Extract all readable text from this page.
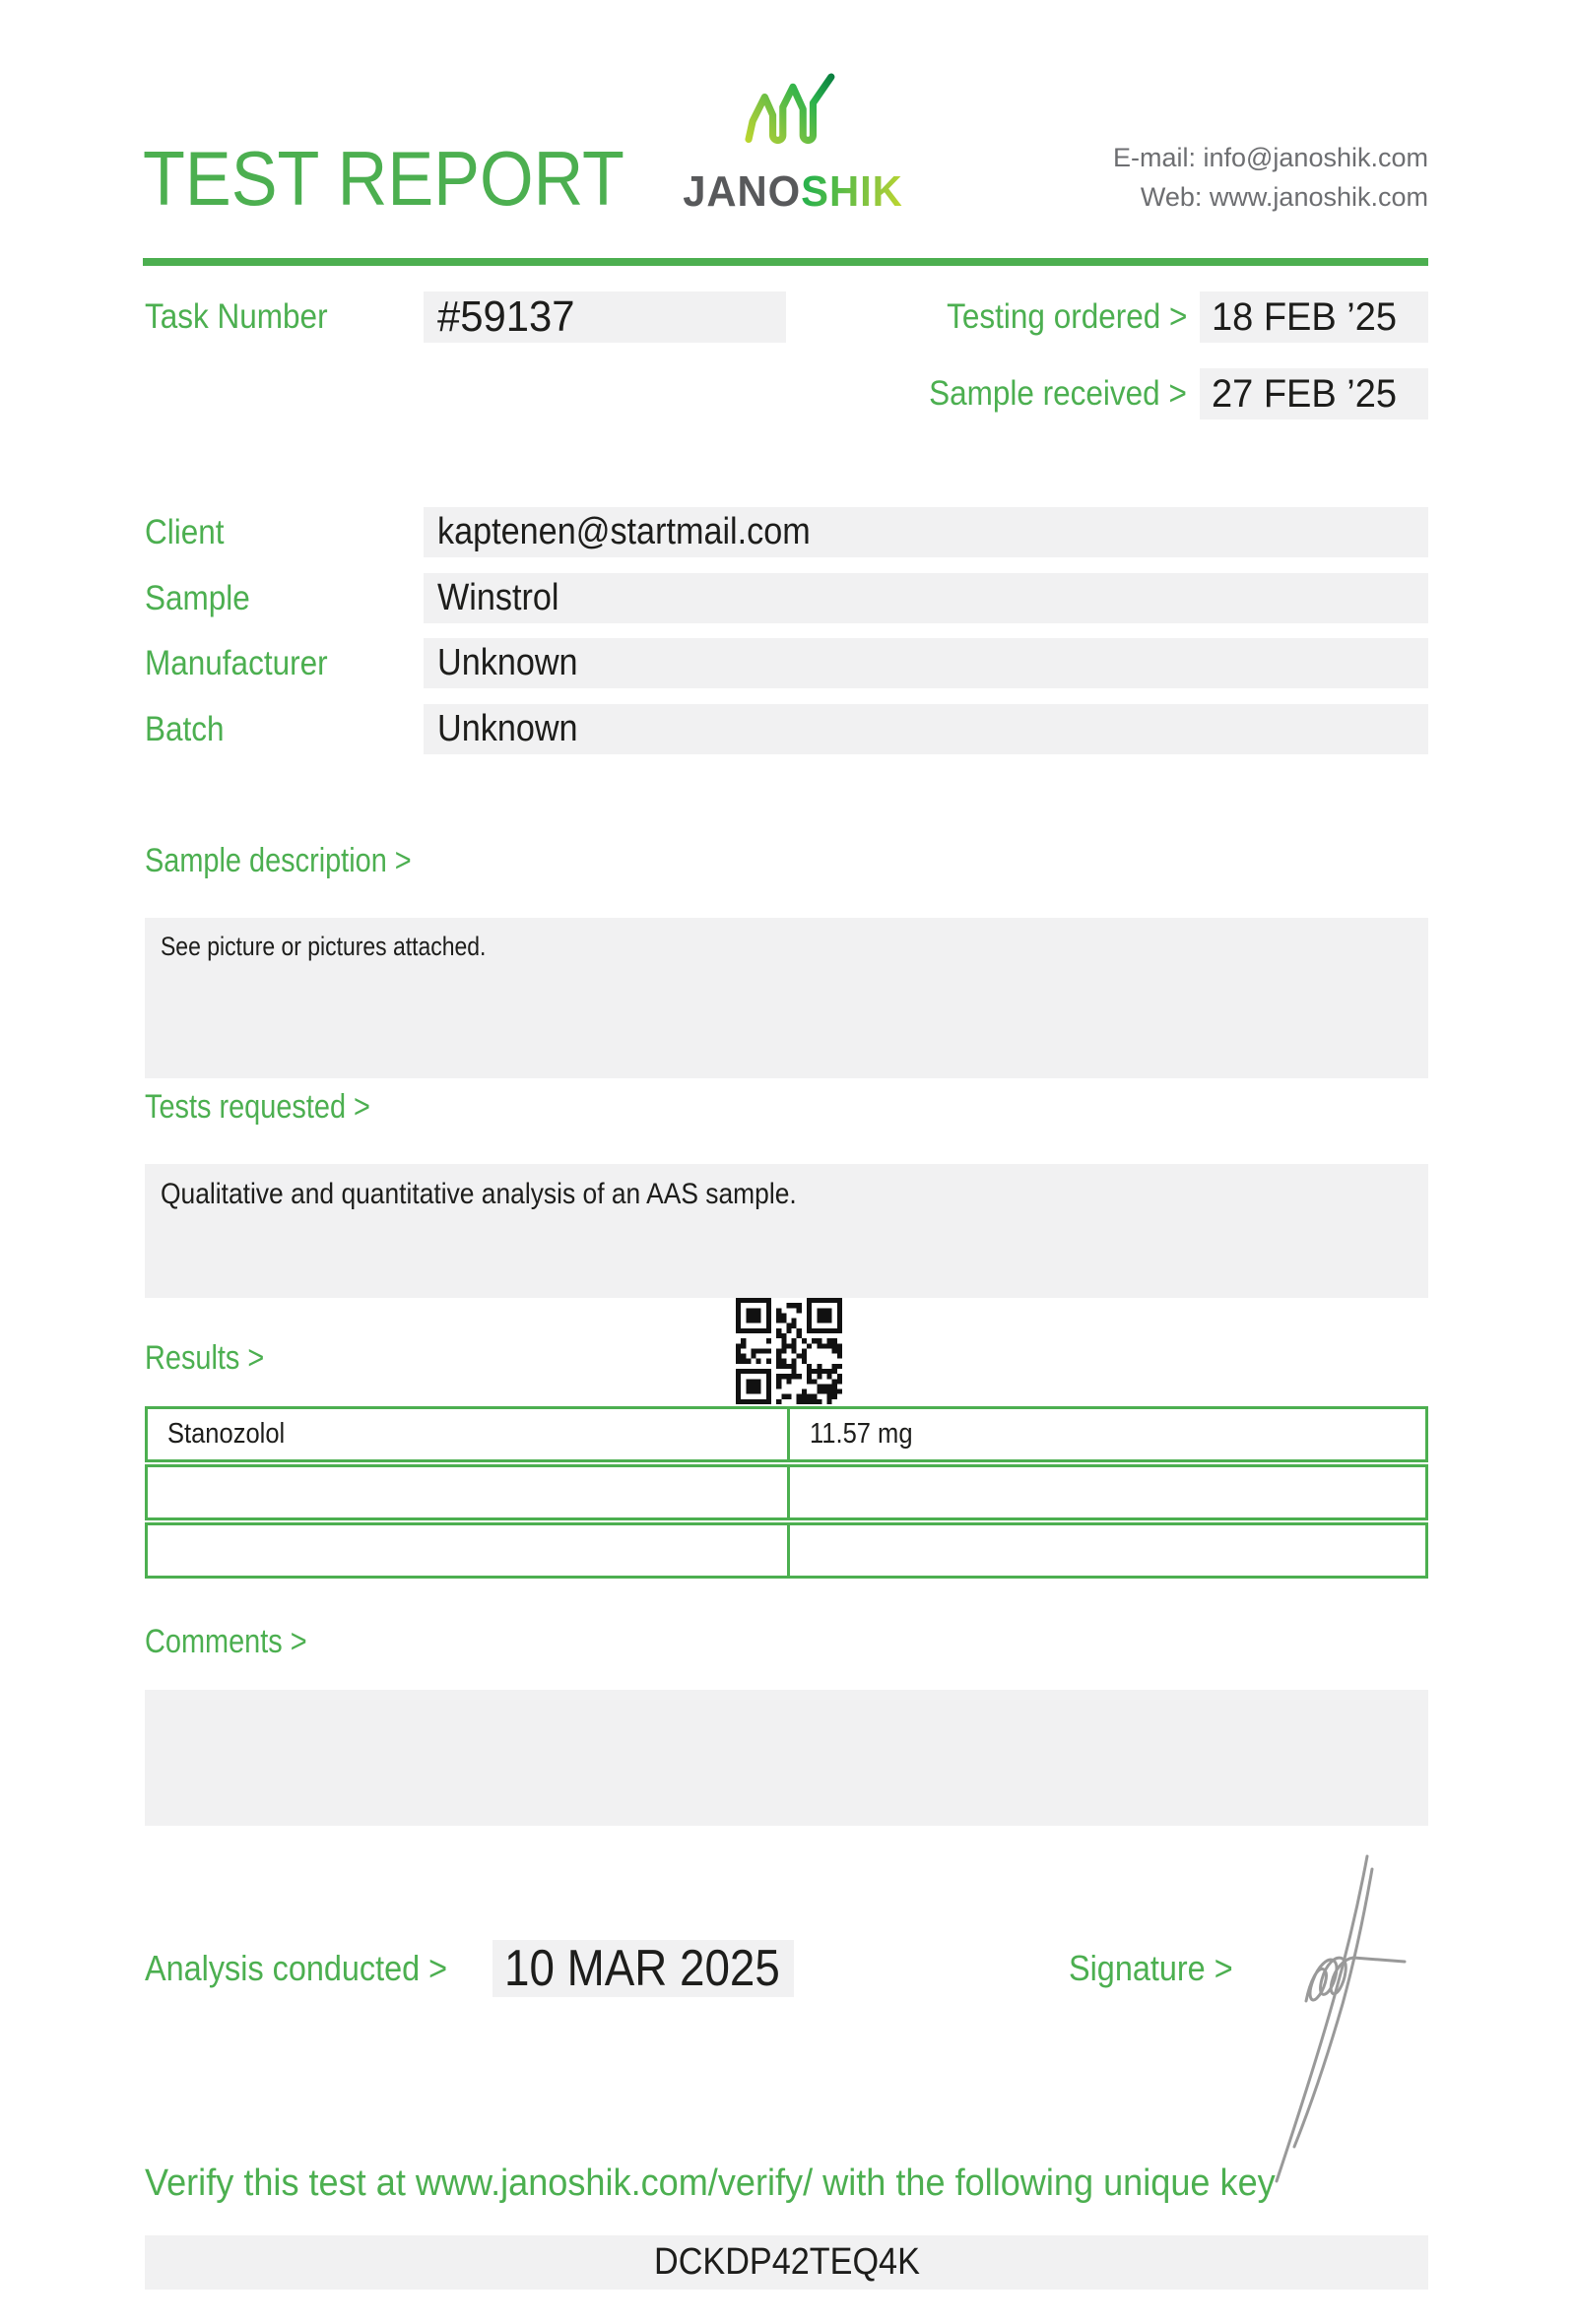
TEST REPORT JANOSHIK
E-mail: info@janoshik.com
Web: www.janoshik.com
Task Number	#59137	Testing ordered > 18 FEB ’25
Sample received > 27 FEB ’25
Client	kaptenen@startmail.com
Sample	Winstrol
Manufacturer	Unknown
Batch	Unknown
Sample description >
See picture or pictures attached.
Tests requested >
Qualitative and quantitative analysis of an AAS sample.
Results >
Stanozolol	11.57 mg
Comments >
Analysis conducted >	10 MAR 2025	Signature >
Verify this test at www.janoshik.com/verify/ with the following unique key
DCKDP42TEQ4K
